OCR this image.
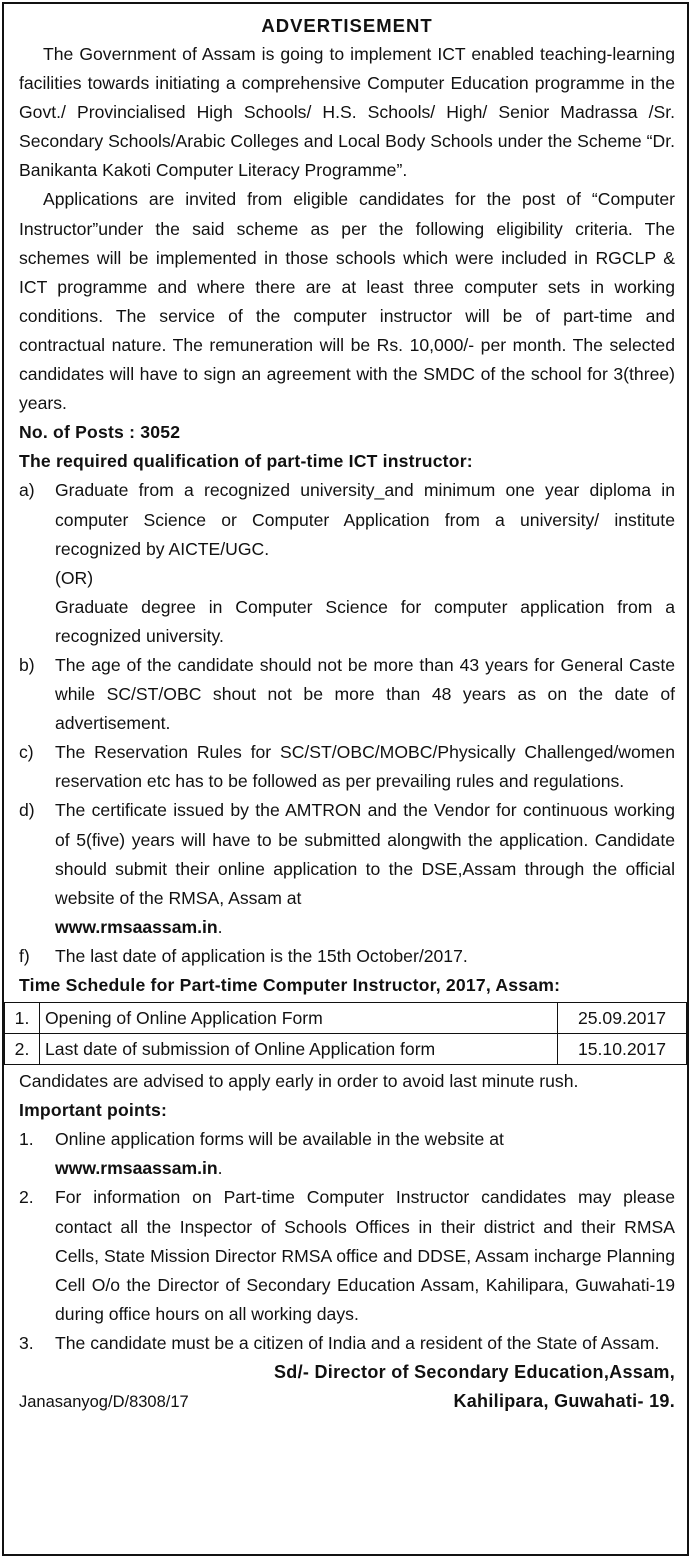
ADVERTISEMENT

The Government of Assam is going to implement ICT enabled teaching-learning facilities towards initiating a comprehensive Computer Education programme in the Govt./ Provincialised High Schools/ H.S. Schools/ High/ Senior Madrassa /Sr. Secondary Schools/Arabic Colleges and Local Body Schools under the Scheme “Dr. Banikanta Kakoti Computer Literacy Programme”.

Applications are invited from eligible candidates for the post of “Computer Instructor”under the said scheme as per the following eligibility criteria. The schemes will be implemented in those schools which were included in RGCLP & ICT programme and where there are at least three computer sets in working conditions. The service of the computer instructor will be of part-time and contractual nature. The remuneration will be Rs. 10,000/- per month. The selected candidates will have to sign an agreement with the SMDC of the school for 3(three) years.

No. of Posts : 3052

The required qualification of part-time ICT instructor:

a) Graduate from a recognized university_and minimum one year diploma in computer Science or Computer Application from a university/ institute recognized by AICTE/UGC.
(OR)
Graduate degree in Computer Science for computer application from a recognized university.
b) The age of the candidate should not be more than 43 years for General Caste while SC/ST/OBC shout not be more than 48 years as on the date of advertisement.
c) The Reservation Rules for SC/ST/OBC/MOBC/Physically Challenged/women reservation etc has to be followed as per prevailing rules and regulations.
d) The certificate issued by the AMTRON and the Vendor for continuous working of 5(five) years will have to be submitted alongwith the application. Candidate should submit their online application to the DSE,Assam through the official website of the RMSA, Assam at
www.rmsaassam.in.
f) The last date of application is the 15th October/2017.

Time Schedule for Part-time Computer Instructor, 2017, Assam:

1.	Opening of Online Application Form	25.09.2017
2.	Last date of submission of Online Application form	15.10.2017

Candidates are advised to apply early in order to avoid last minute rush.

Important points:

1. Online application forms will be available in the website at
www.rmsaassam.in.
2. For information on Part-time Computer Instructor candidates may please contact all the Inspector of Schools Offices in their district and their RMSA Cells, State Mission Director RMSA office and DDSE, Assam incharge Planning Cell O/o the Director of Secondary Education Assam, Kahilipara, Guwahati-19 during office hours on all working days.
3. The candidate must be a citizen of India and a resident of the State of Assam.

Sd/- Director of Secondary Education,Assam,

Janasanyog/D/8308/17	Kahilipara, Guwahati- 19.
